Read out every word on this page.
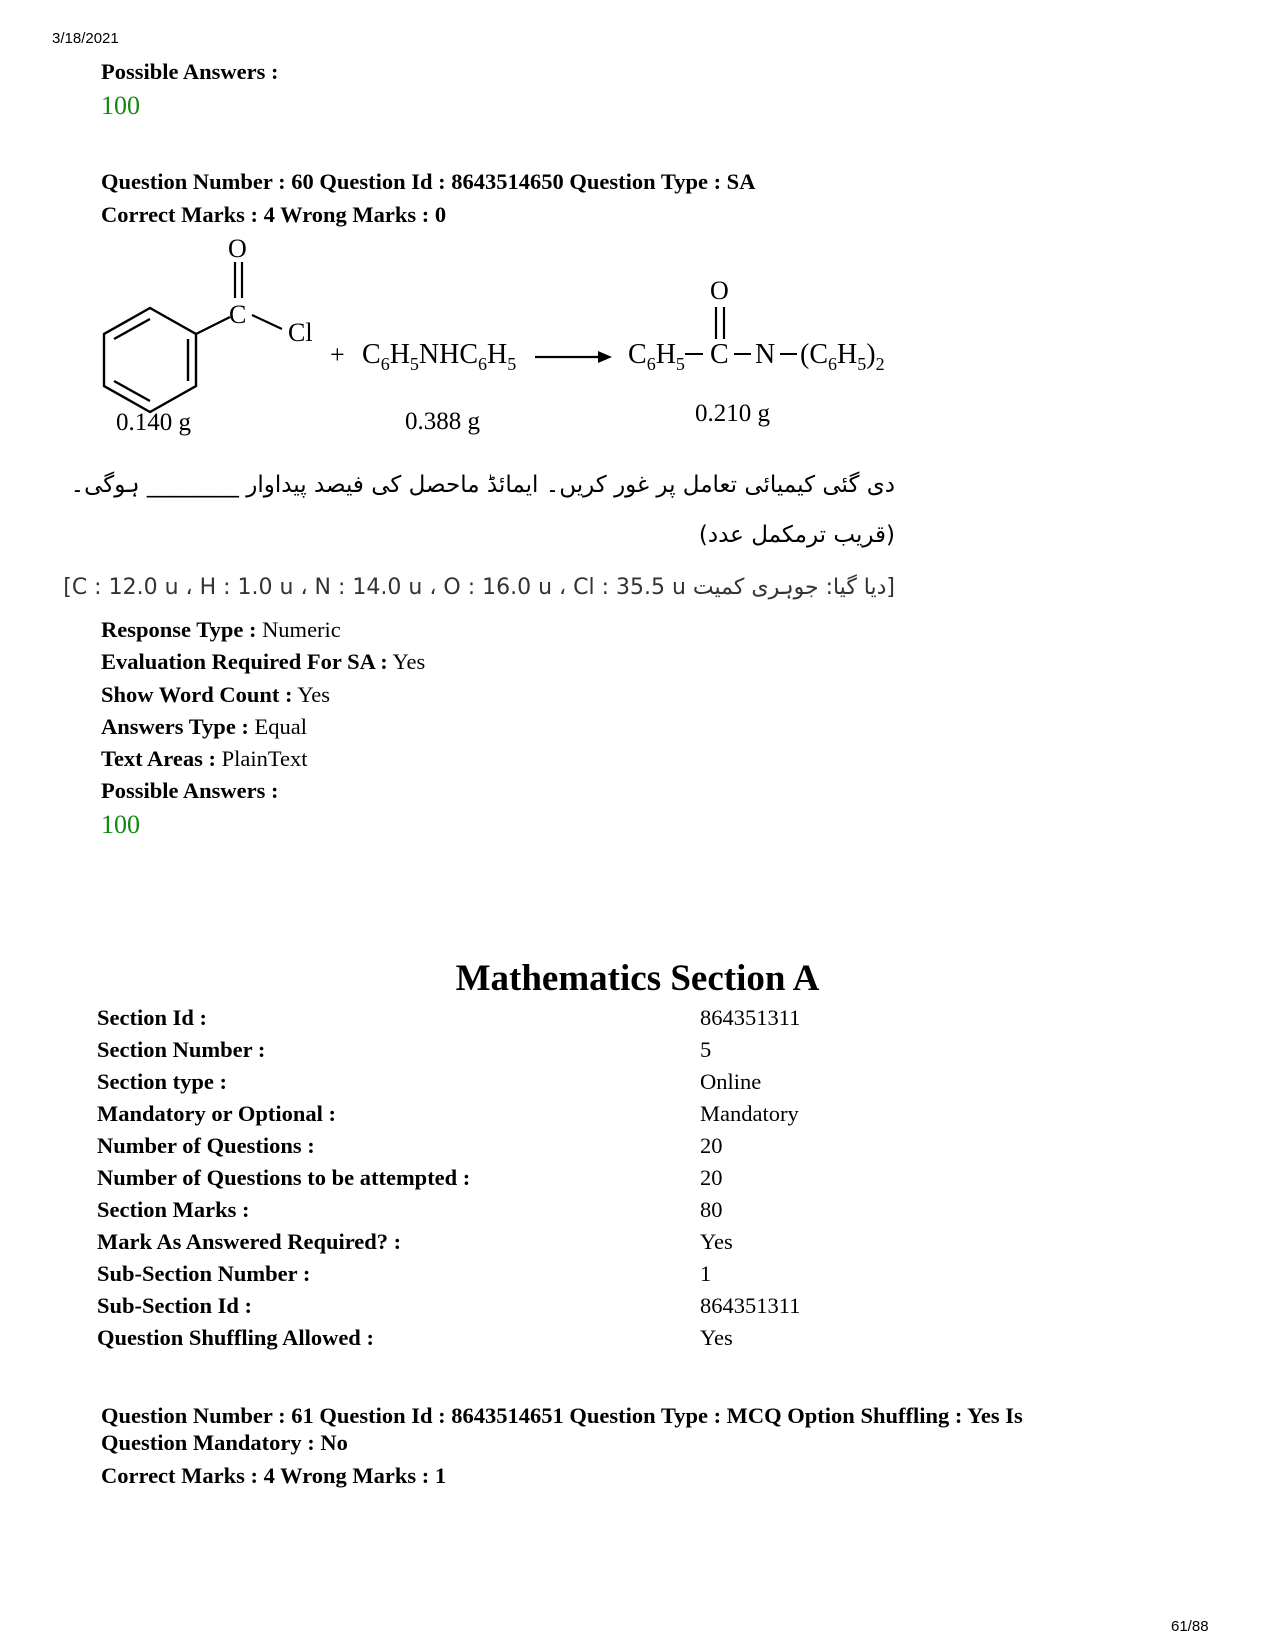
3/18/2021
Possible Answers :
100
Question Number : 60 Question Id : 8643514650 Question Type : SA
Correct Marks : 4 Wrong Marks : 0
O
C
Cl
0.140 g
+ $C_6H_5NHC_6H_5$
0.388 g
$C_6H_5$ C
O
N $(C_6H_5)_2$
0.210 g
دی گئی کیمیائی تعامل پر غور کریں۔ ایمائڈ ماحصل کی فیصد پیداوار ________ ہوگی۔
(قریب ترمکمل عدد)
[دیا گیا: جوہری کمیت C : 12.0 u ، H : 1.0 u ، N : 14.0 u ، O : 16.0 u ، Cl : 35.5 u]
Response Type : Numeric
Evaluation Required For SA : Yes
Show Word Count : Yes
Answers Type : Equal
Text Areas : PlainText
Possible Answers :
100
Mathematics Section A
Section Id :	864351311
Section Number :	5
Section type :	Online
Mandatory or Optional :	Mandatory
Number of Questions :	20
Number of Questions to be attempted :	20
Section Marks :	80
Mark As Answered Required? :	Yes
Sub-Section Number :	1
Sub-Section Id :	864351311
Question Shuffling Allowed :	Yes
Question Number : 61 Question Id : 8643514651 Question Type : MCQ Option Shuffling : Yes Is
Question Mandatory : No
Correct Marks : 4 Wrong Marks : 1
61/88
